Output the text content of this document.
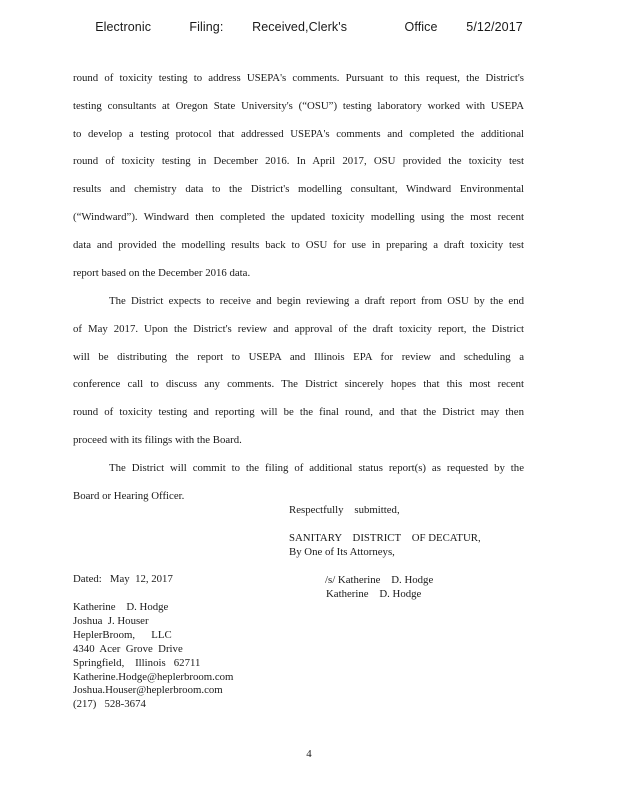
Electronic    Filing:   Received,Clerk's      Office   5/12/2017
round of toxicity testing to address USEPA's comments. Pursuant to this request, the District's
testing consultants at Oregon State University's (“OSU”) testing laboratory worked with USEPA
to develop a testing protocol that addressed USEPA's comments and completed the additional
round of toxicity testing in December 2016. In April 2017, OSU provided the toxicity test
results and chemistry data to the District's modelling consultant, Windward Environmental
(“Windward”). Windward then completed the updated toxicity modelling using the most recent
data and provided the modelling results back to OSU for use in preparing a draft toxicity test
report based on the December 2016 data.
The District expects to receive and begin reviewing a draft report from OSU by the end
of May 2017. Upon the District's review and approval of the draft toxicity report, the District
will be distributing the report to USEPA and Illinois EPA for review and scheduling a
conference call to discuss any comments. The District sincerely hopes that this most recent
round of toxicity testing and reporting will be the final round, and that the District may then
proceed with its filings with the Board.
The District will commit to the filing of additional status report(s) as requested by the
Board or Hearing Officer.
Respectfully    submitted,
SANITARY    DISTRICT    OF DECATUR,
By One of Its Attorneys,
Dated:   May  12, 2017	/s/ Katherine    D. Hodge
Katherine    D. Hodge
Katherine    D. Hodge
Joshua  J. Houser
HeplerBroom,      LLC
4340  Acer  Grove  Drive
Springfield,    Illinois   62711
Katherine.Hodge@heplerbroom.com
Joshua.Houser@heplerbroom.com
(217)   528-3674
4
